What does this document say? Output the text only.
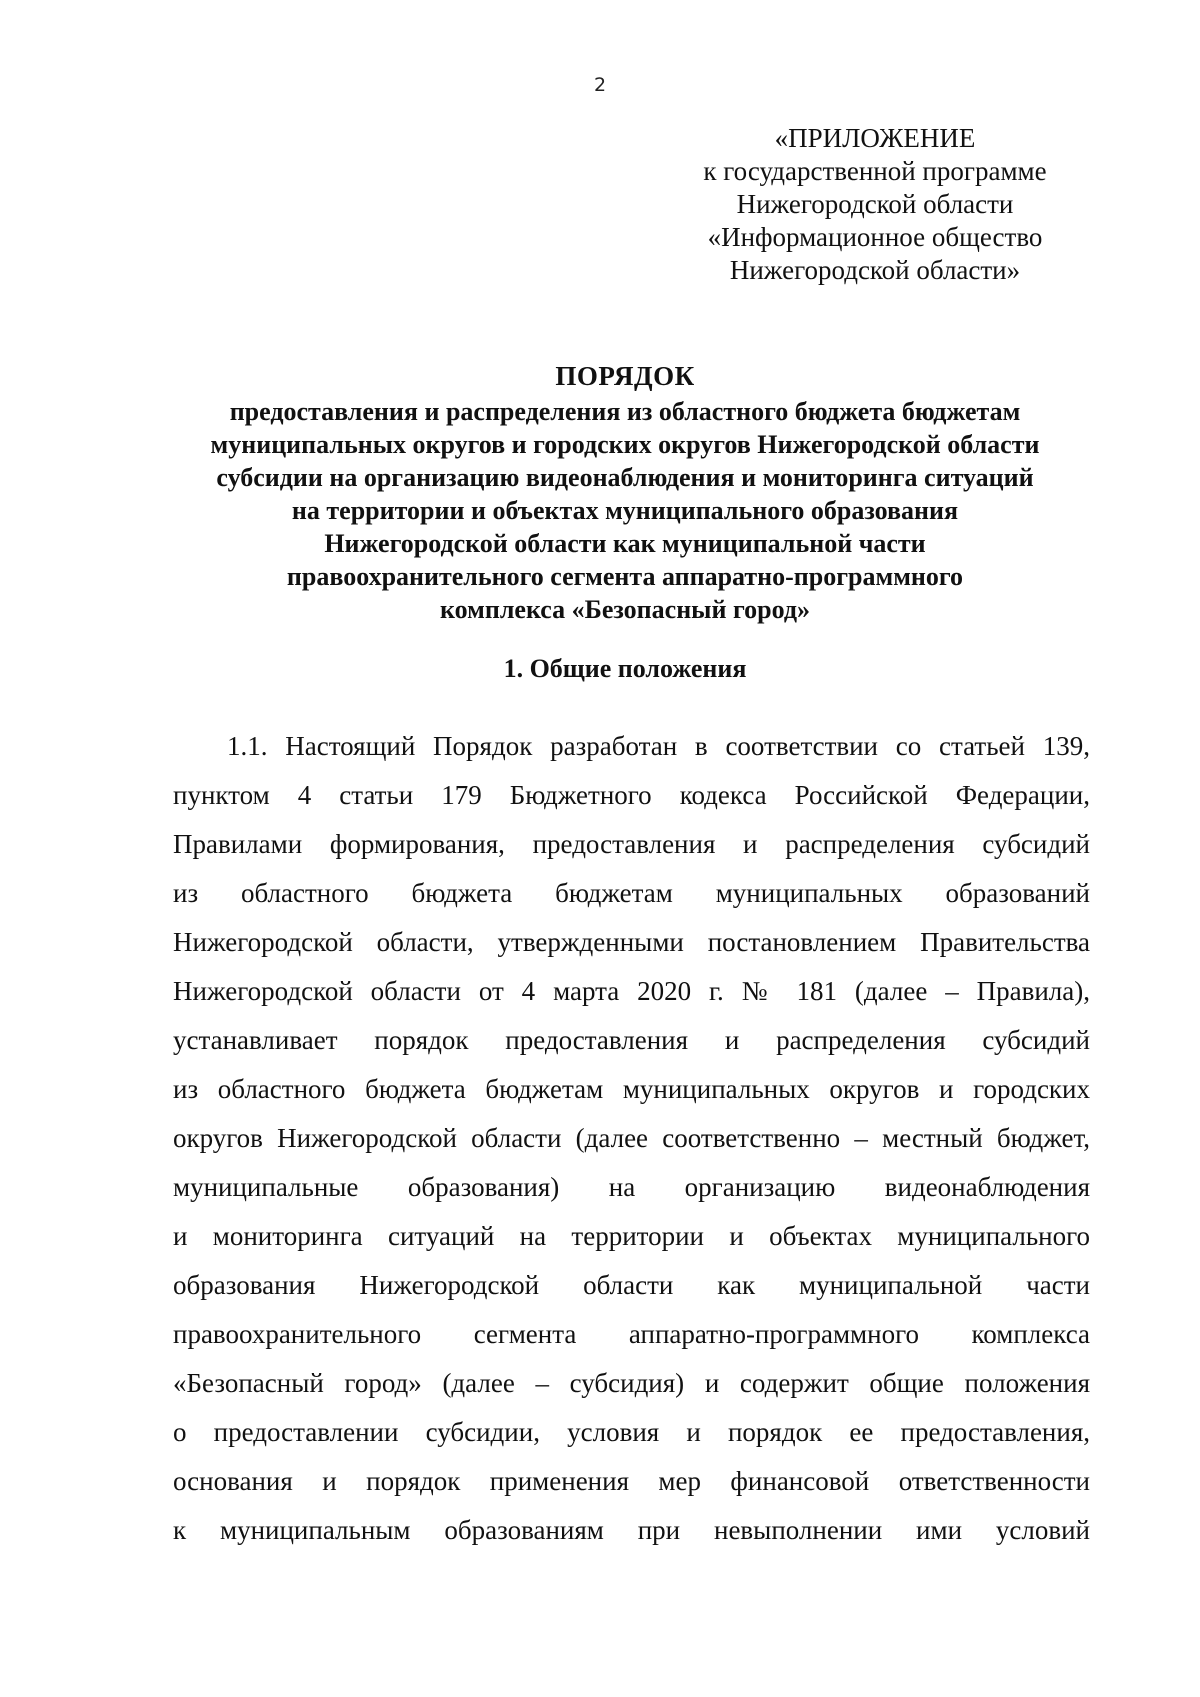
2
«ПРИЛОЖЕНИЕ
к государственной программе
Нижегородской области
«Информационное общество
Нижегородской области»
ПОРЯДОК
предоставления и распределения из областного бюджета бюджетам
муниципальных округов и городских округов Нижегородской области
субсидии на организацию видеонаблюдения и мониторинга ситуаций
на территории и объектах муниципального образования
Нижегородской области как муниципальной части
правоохранительного сегмента аппаратно-программного
комплекса «Безопасный город»
1. Общие положения
1.1. Настоящий Порядок разработан в соответствии со статьей 139,
пунктом 4 статьи 179 Бюджетного кодекса Российской Федерации,
Правилами формирования, предоставления и распределения субсидий
из областного бюджета бюджетам муниципальных образований
Нижегородской области, утвержденными постановлением Правительства
Нижегородской области от 4 марта 2020 г. № 181 (далее – Правила),
устанавливает порядок предоставления и распределения субсидий
из областного бюджета бюджетам муниципальных округов и городских
округов Нижегородской области (далее соответственно – местный бюджет,
муниципальные образования) на организацию видеонаблюдения
и мониторинга ситуаций на территории и объектах муниципального
образования Нижегородской области как муниципальной части
правоохранительного сегмента аппаратно-программного комплекса
«Безопасный город» (далее – субсидия) и содержит общие положения
о предоставлении субсидии, условия и порядок ее предоставления,
основания и порядок применения мер финансовой ответственности
к муниципальным образованиям при невыполнении ими условий
